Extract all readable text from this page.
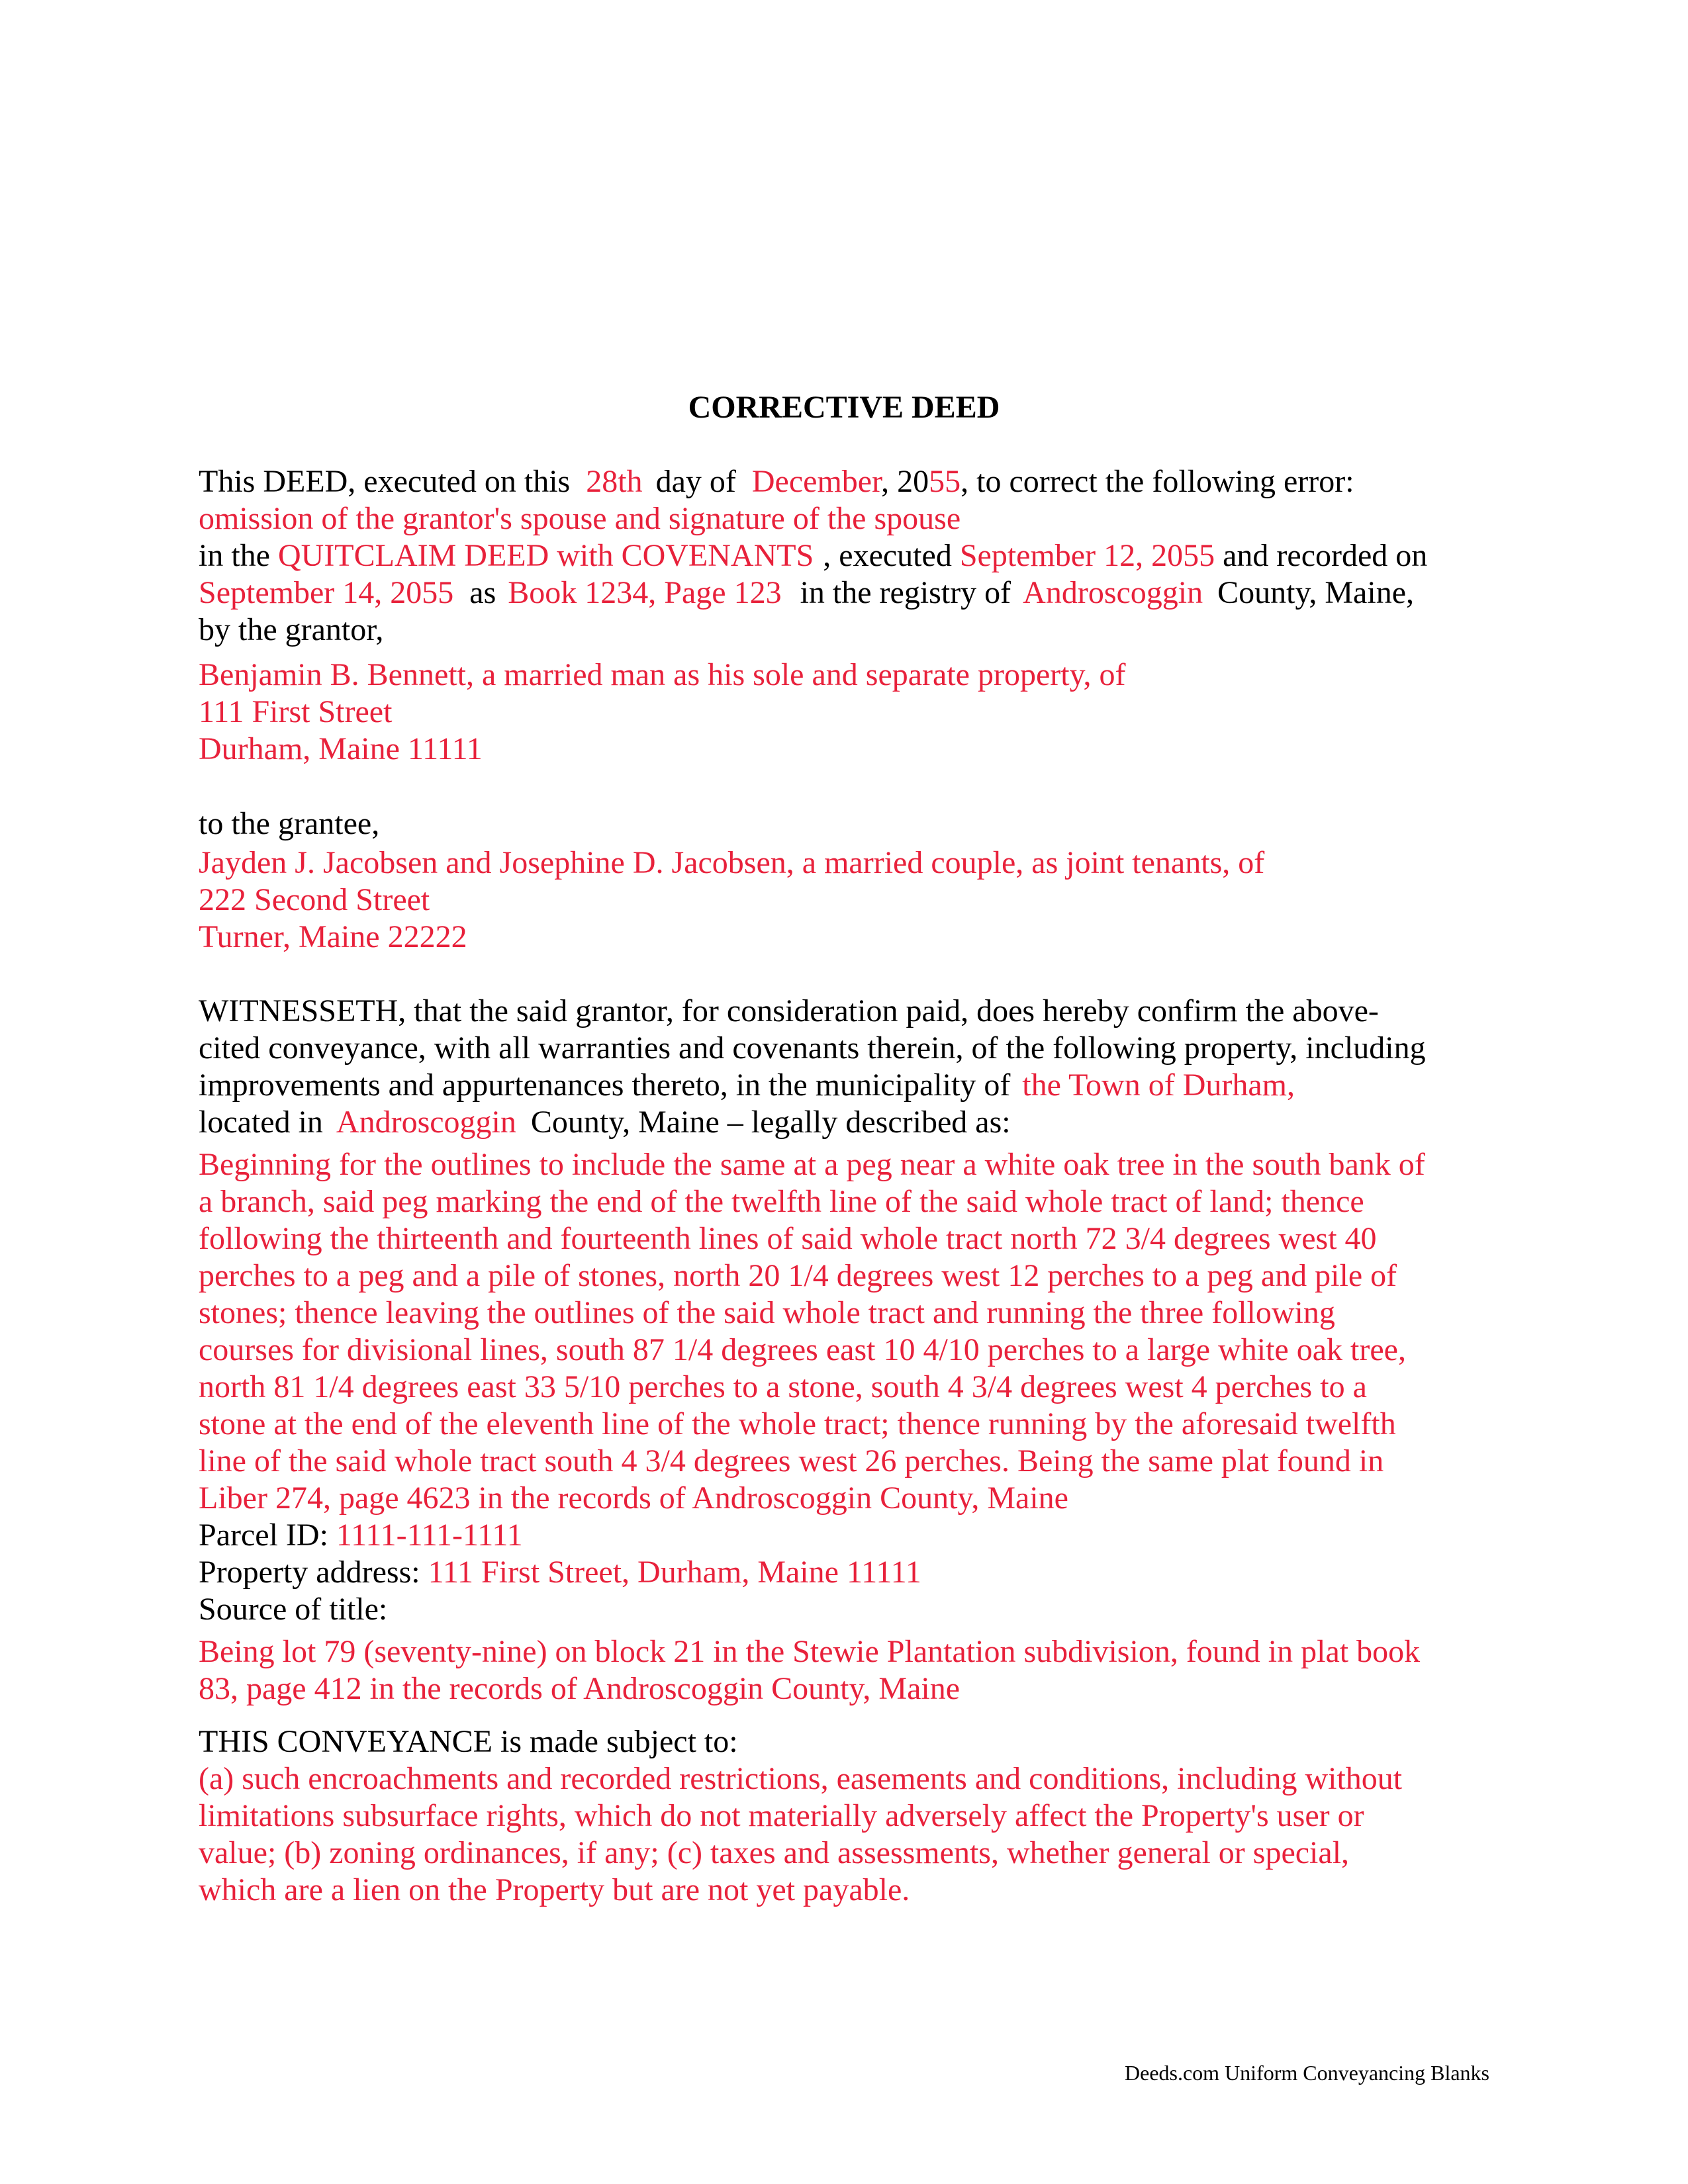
CORRECTIVE DEED
This DEED, executed on this 28th day of December, 2055, to correct the following error:
omission of the grantor's spouse and signature of the spouse
in the QUITCLAIM DEED with COVENANTS , executed September 12, 2055 and recorded on
September 14, 2055 as Book 1234, Page 123 in the registry of Androscoggin County, Maine,
by the grantor,
Benjamin B. Bennett, a married man as his sole and separate property, of
111 First Street
Durham, Maine 11111
to the grantee,
Jayden J. Jacobsen and Josephine D. Jacobsen, a married couple, as joint tenants, of
222 Second Street
Turner, Maine 22222
WITNESSETH, that the said grantor, for consideration paid, does hereby confirm the above-
cited conveyance, with all warranties and covenants therein, of the following property, including
improvements and appurtenances thereto, in the municipality of the Town of Durham,
located in Androscoggin County, Maine – legally described as:
Beginning for the outlines to include the same at a peg near a white oak tree in the south bank of
a branch, said peg marking the end of the twelfth line of the said whole tract of land; thence
following the thirteenth and fourteenth lines of said whole tract north 72 3/4 degrees west 40
perches to a peg and a pile of stones, north 20 1/4 degrees west 12 perches to a peg and pile of
stones; thence leaving the outlines of the said whole tract and running the three following
courses for divisional lines, south 87 1/4 degrees east 10 4/10 perches to a large white oak tree,
north 81 1/4 degrees east 33 5/10 perches to a stone, south 4 3/4 degrees west 4 perches to a
stone at the end of the eleventh line of the whole tract; thence running by the aforesaid twelfth
line of the said whole tract south 4 3/4 degrees west 26 perches. Being the same plat found in
Liber 274, page 4623 in the records of Androscoggin County, Maine
Parcel ID: 1111-111-1111
Property address: 111 First Street, Durham, Maine 11111
Source of title:
Being lot 79 (seventy-nine) on block 21 in the Stewie Plantation subdivision, found in plat book
83, page 412 in the records of Androscoggin County, Maine
THIS CONVEYANCE is made subject to:
(a) such encroachments and recorded restrictions, easements and conditions, including without
limitations subsurface rights, which do not materially adversely affect the Property's user or
value; (b) zoning ordinances, if any; (c) taxes and assessments, whether general or special,
which are a lien on the Property but are not yet payable.
Deeds.com Uniform Conveyancing Blanks
